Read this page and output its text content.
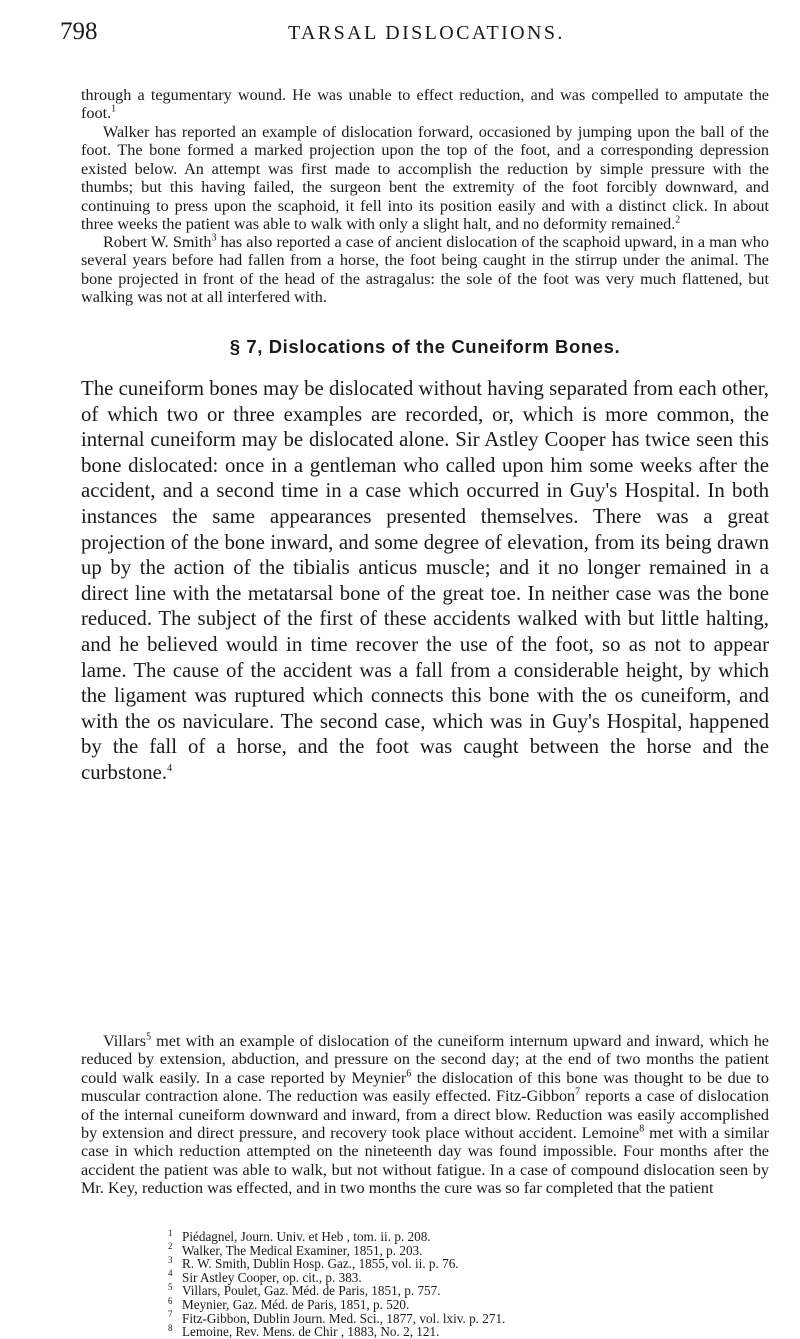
798	TARSAL DISLOCATIONS.

through a tegumentary wound. He was unable to effect reduction, and was compelled to amputate the foot.$^1$

Walker has reported an example of dislocation forward, occasioned by jumping upon the ball of the foot. The bone formed a marked projection upon the top of the foot, and a corresponding depression existed below. An attempt was first made to accomplish the reduction by simple pressure with the thumbs; but this having failed, the surgeon bent the extremity of the foot forcibly downward, and continuing to press upon the scaphoid, it fell into its position easily and with a distinct click. In about three weeks the patient was able to walk with only a slight halt, and no deformity remained.$^2$

Robert W. Smith$^3$ has also reported a case of ancient dislocation of the scaphoid upward, in a man who several years before had fallen from a horse, the foot being caught in the stirrup under the animal. The bone projected in front of the head of the astragalus: the sole of the foot was very much flattened, but walking was not at all interfered with.

§ 7, Dislocations of the Cuneiform Bones.

The cuneiform bones may be dislocated without having separated from each other, of which two or three examples are recorded, or, which is more common, the internal cuneiform may be dislocated alone. Sir Astley Cooper has twice seen this bone dislocated: once in a gentleman who called upon him some weeks after the accident, and a second time in a case which occurred in Guy's Hospital. In both instances the same appearances presented themselves. There was a great projection of the bone inward, and some degree of elevation, from its being drawn up by the action of the tibialis anticus muscle; and it no longer remained in a direct line with the metatarsal bone of the great toe. In neither case was the bone reduced. The subject of the first of these accidents walked with but little halting, and he believed would in time recover the use of the foot, so as not to appear lame. The cause of the accident was a fall from a considerable height, by which the ligament was ruptured which connects this bone with the os cuneiform, and with the os naviculare. The second case, which was in Guy's Hospital, happened by the fall of a horse, and the foot was caught between the horse and the curbstone.$^4$

Villars$^5$ met with an example of dislocation of the cuneiform internum upward and inward, which he reduced by extension, abduction, and pressure on the second day; at the end of two months the patient could walk easily. In a case reported by Meynier$^6$ the dislocation of this bone was thought to be due to muscular contraction alone. The reduction was easily effected. Fitz-Gibbon$^7$ reports a case of dislocation of the internal cuneiform downward and inward, from a direct blow. Reduction was easily accomplished by extension and direct pressure, and recovery took place without accident. Lemoine$^8$ met with a similar case in which reduction attempted on the nineteenth day was found impossible. Four months after the accident the patient was able to walk, but not without fatigue. In a case of compound dislocation seen by Mr. Key, reduction was effected, and in two months the cure was so far completed that the patient

1 Piédagnel, Journ. Univ. et Heb , tom. ii. p. 208.
2 Walker, The Medical Examiner, 1851, p. 203.
3 R. W. Smith, Dublin Hosp. Gaz., 1855, vol. ii. p. 76.
4 Sir Astley Cooper, op. cit., p. 383.
5 Villars, Poulet, Gaz. Méd. de Paris, 1851, p. 757.
6 Meynier, Gaz. Méd. de Paris, 1851, p. 520.
7 Fitz-Gibbon, Dublin Journ. Med. Sci., 1877, vol. lxiv. p. 271.
8 Lemoine, Rev. Mens. de Chir , 1883, No. 2, 121.
